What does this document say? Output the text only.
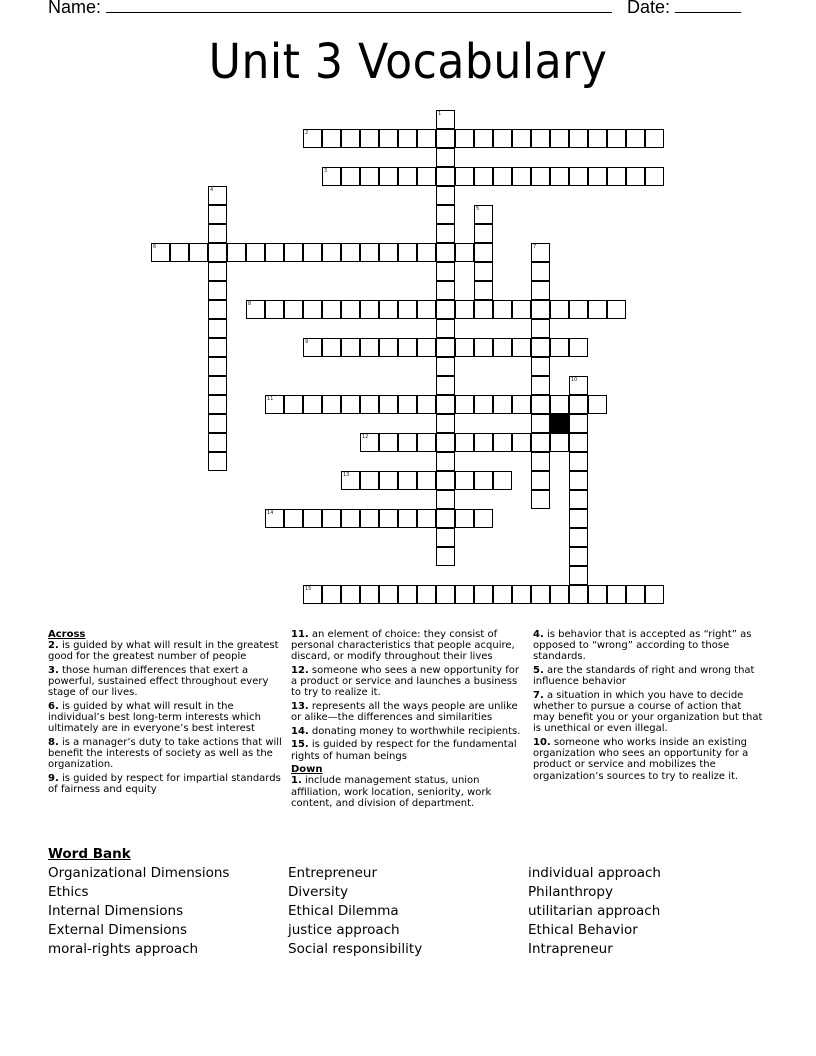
Name:	Date:
Unit 3 Vocabulary
1
2
3
4
5
6	7
8
9
10
11
12
13
14
15
Across
2. is guided by what will result in the greatest good for the greatest number of people
3. those human differences that exert a powerful, sustained effect throughout every stage of our lives.
6. is guided by what will result in the individual’s best long-term interests which ultimately are in everyone’s best interest
8. is a manager’s duty to take actions that will benefit the interests of society as well as the organization.
9. is guided by respect for impartial standards of fairness and equity
11. an element of choice: they consist of personal characteristics that people acquire, discard, or modify throughout their lives
12. someone who sees a new opportunity for a product or service and launches a business to try to realize it.
13. represents all the ways people are unlike or alike—the differences and similarities
14. donating money to worthwhile recipients.
15. is guided by respect for the fundamental rights of human beings
Down
1. include management status, union affiliation, work location, seniority, work content, and division of department.
4. is behavior that is accepted as “right” as opposed to “wrong” according to those standards.
5. are the standards of right and wrong that influence behavior
7. a situation in which you have to decide whether to pursue a course of action that may benefit you or your organization but that is unethical or even illegal.
10. someone who works inside an existing organization who sees an opportunity for a product or service and mobilizes the organization’s sources to try to realize it.
Word Bank
Organizational Dimensions	Entrepreneur	individual approach
Ethics	Diversity	Philanthropy
Internal Dimensions	Ethical Dilemma	utilitarian approach
External Dimensions	justice approach	Ethical Behavior
moral-rights approach	Social responsibility	Intrapreneur
